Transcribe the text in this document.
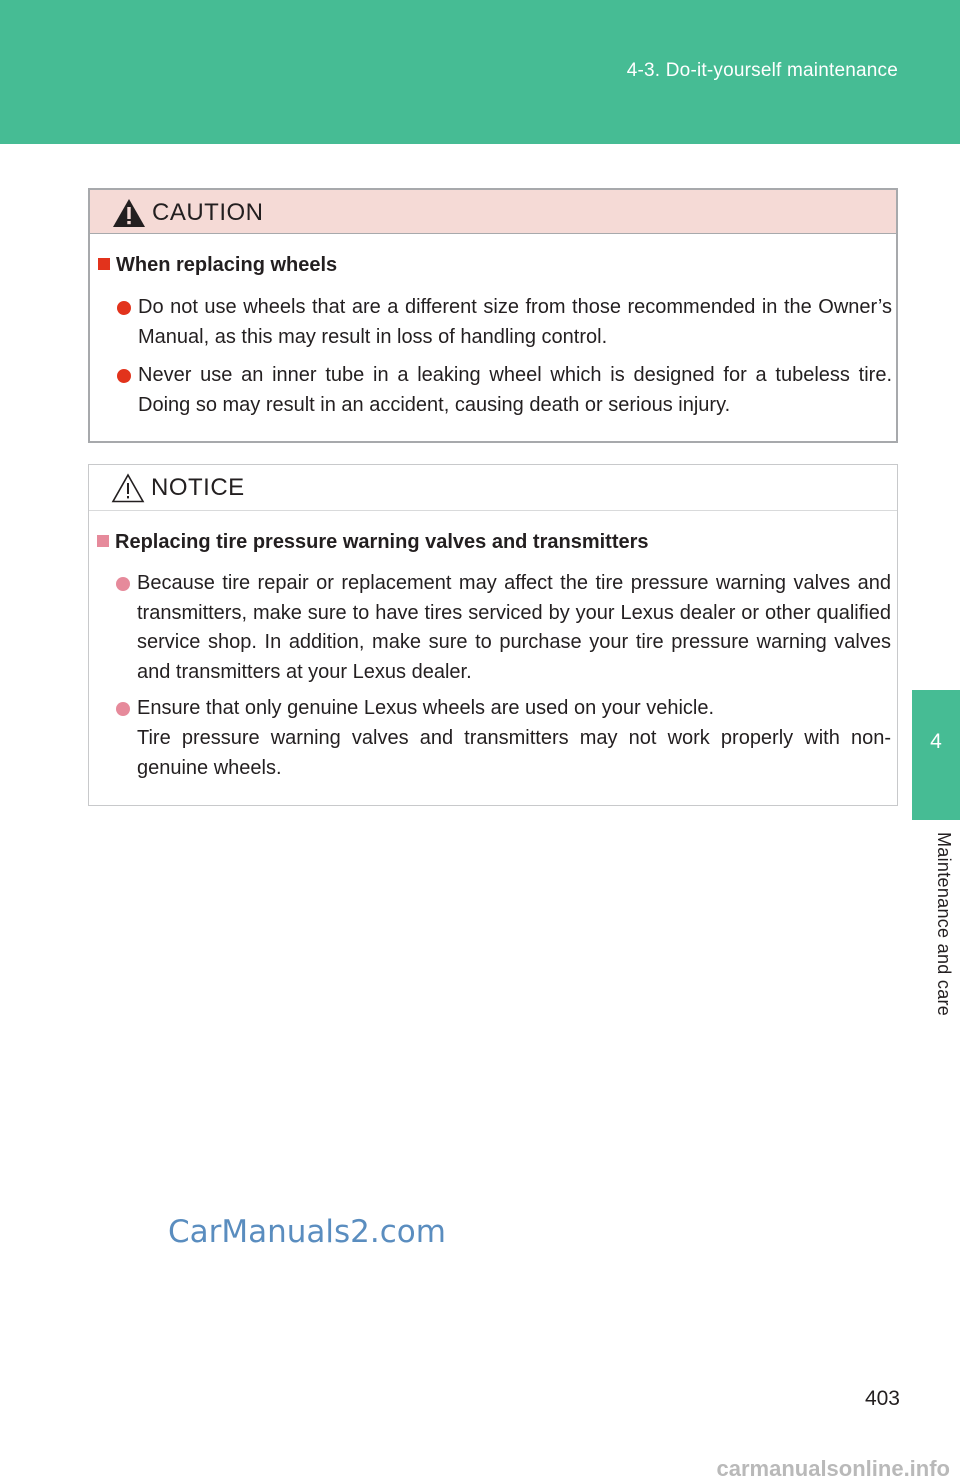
4-3. Do-it-yourself maintenance
4
Maintenance and care
CAUTION
When replacing wheels
Do not use wheels that are a different size from those recommended in the Owner’s Manual, as this may result in loss of handling control.
Never use an inner tube in a leaking wheel which is designed for a tubeless tire. Doing so may result in an accident, causing death or serious injury.
NOTICE
Replacing tire pressure warning valves and transmitters
Because tire repair or replacement may affect the tire pressure warning valves and transmitters, make sure to have tires serviced by your Lexus dealer or other qualified service shop. In addition, make sure to purchase your tire pressure warning valves and transmitters at your Lexus dealer.
Ensure that only genuine Lexus wheels are used on your vehicle.
Tire pressure warning valves and transmitters may not work properly with non-genuine wheels.
CarManuals2.com
403
carmanualsonline.info
